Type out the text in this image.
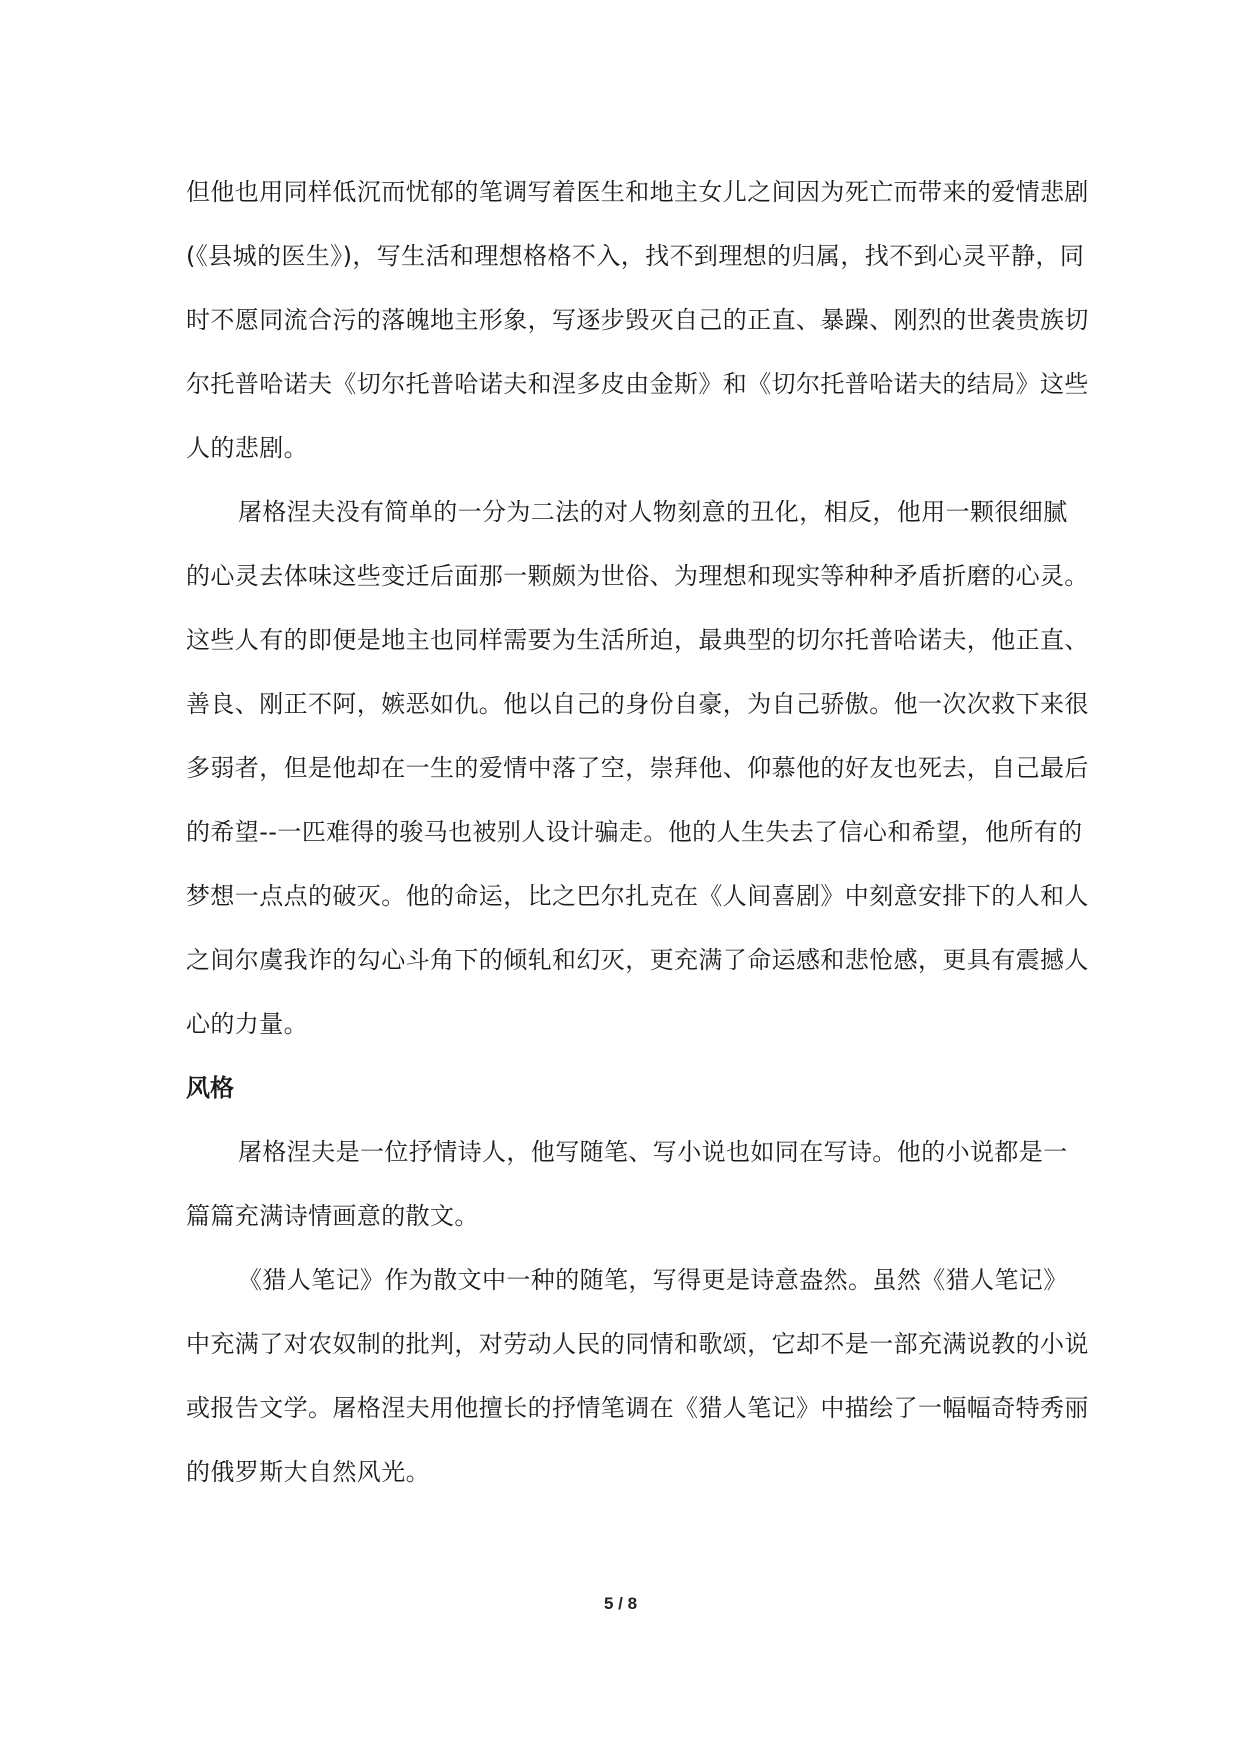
但他也用同样低沉而忧郁的笔调写着医生和地主女儿之间因为死亡而带来的爱情悲剧(《县城的医生》)，写生活和理想格格不入，找不到理想的归属，找不到心灵平静，同时不愿同流合污的落魄地主形象，写逐步毁灭自己的正直、暴躁、刚烈的世袭贵族切尔托普哈诺夫《切尔托普哈诺夫和涅多皮由金斯》和《切尔托普哈诺夫的结局》这些人的悲剧。

屠格涅夫没有简单的一分为二法的对人物刻意的丑化，相反，他用一颗很细腻的心灵去体味这些变迁后面那一颗颇为世俗、为理想和现实等种种矛盾折磨的心灵。这些人有的即便是地主也同样需要为生活所迫，最典型的切尔托普哈诺夫，他正直、善良、刚正不阿，嫉恶如仇。他以自己的身份自豪，为自己骄傲。他一次次救下来很多弱者，但是他却在一生的爱情中落了空，崇拜他、仰慕他的好友也死去，自己最后的希望--一匹难得的骏马也被别人设计骗走。他的人生失去了信心和希望，他所有的梦想一点点的破灭。他的命运，比之巴尔扎克在《人间喜剧》中刻意安排下的人和人之间尔虞我诈的勾心斗角下的倾轧和幻灭，更充满了命运感和悲怆感，更具有震撼人心的力量。

风格

屠格涅夫是一位抒情诗人，他写随笔、写小说也如同在写诗。他的小说都是一篇篇充满诗情画意的散文。

《猎人笔记》作为散文中一种的随笔，写得更是诗意盎然。虽然《猎人笔记》中充满了对农奴制的批判，对劳动人民的同情和歌颂，它却不是一部充满说教的小说或报告文学。屠格涅夫用他擅长的抒情笔调在《猎人笔记》中描绘了一幅幅奇特秀丽的俄罗斯大自然风光。

5 / 8
